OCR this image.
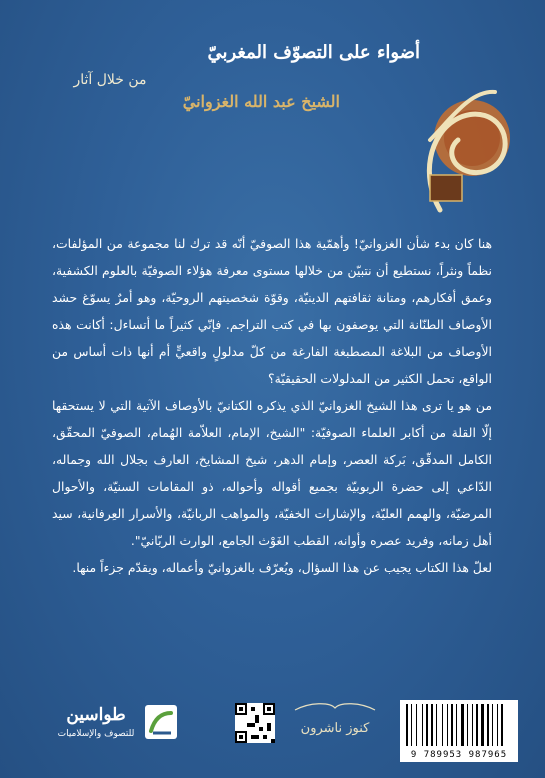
أضواء على التصوّف المغربيّ

من خلال آثار

الشيخ عبد الله الغزوانيّ

هنا كان بدء شأن الغزوانيّ! وأهمّية هذا الصوفيّ أنّه قد ترك لنا مجموعة من المؤلفات، نظماً ونثراً، نستطيع أن نتبيّن من خلالها مستوى معرفة هؤلاء الصوفيّة بالعلوم الكشفية، وعمق أفكارهم، ومتانة ثقافتهم الدينيّة، وقوّة شخصيتهم الروحيّة، وهو أمرٌ يسوّغ حشد الأوصاف الطنّانة التي يوصفون بها في كتب التراجم. فإنّي كثيراً ما أتساءل: أكانت هذه الأوصاف من البلاغة المصطبغة الفارغة من كلّ مدلولٍ واقعيٍّ أم أنها ذات أساس من الواقع، تحمل الكثير من المدلولات الحقيقيّة؟

من هو يا ترى هذا الشيخ الغزوانيّ الذي يذكره الكتانيّ بالأوصاف الآتية التي لا يستحقها إلّا القلة من أكابر العلماء الصوفيّة: "الشيخ، الإمام، العلاّمة الهُمام، الصوفيّ المحقّق، الكامل المدقّق، بَركة العصر، وإمام الدهر، شيخ المشايخ، العارف بجلال الله وجماله، الدّاعي إلى حضرة الربوبيّة بجميع أقواله وأحواله، ذو المقامات السنيّة، والأحوال المرضيّة، والهمم العليّة، والإشارات الخفيّة، والمواهب الربانيّة، والأسرار العِرفانية، سيد أهل زمانه، وفريد عصره وأوانه، القطب الغَوْث الجامع، الوارث الربّانيّ".

لعلّ هذا الكتاب يجيب عن هذا السؤال، ويُعرّف بالغزوانيّ وأعماله، ويقدّم جزءاً منها.

طواسين
للتصوف والإسلاميات	كنوز ناشرون
9 789953 987965
